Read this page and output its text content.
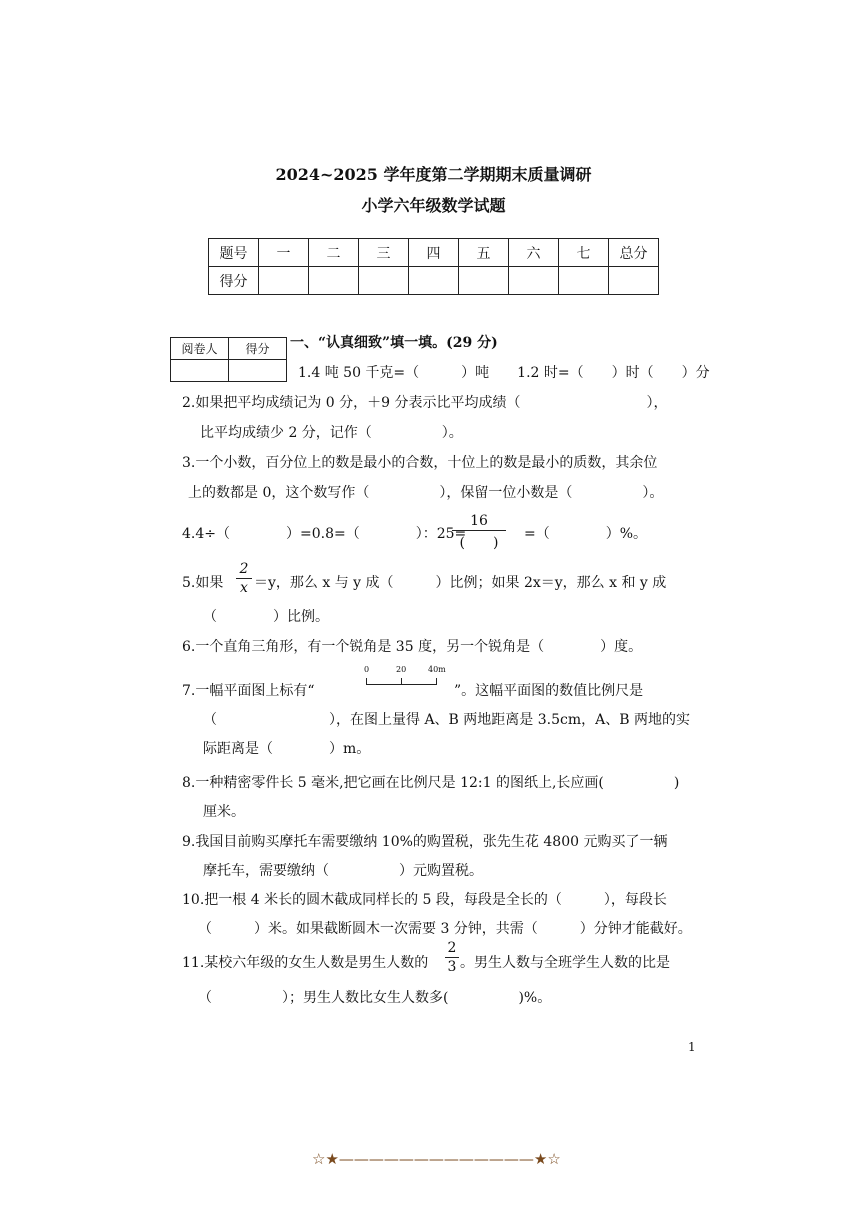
2024~2025 学年度第二学期期末质量调研
小学六年级数学试题
题号	一	二	三	四	五	六	七	总分
得分								
阅卷人	得分
	一、“认真细致”填一填。(29 分)
1.4 吨 50 千克=（　　　）吨　　1.2 时=（　　）时（　　）分
2.如果把平均成绩记为 0 分，＋9 分表示比平均成绩（　　　　　　　　　），
比平均成绩少 2 分，记作（　　　　　）。
3.一个小数，百分位上的数是最小的合数，十位上的数是最小的质数，其余位
上的数都是 0，这个数写作（　　　　　），保留一位小数是（　　　　　）。
4.4÷（　　　　）=0.8=（　　　　）：25=
16
(　　)
=（　　　　）%。
5.如果
2
x ＝y，那么 x 与 y 成（　　　）比例；如果 2x＝y，那么 x 和 y 成
（　　　　）比例。
6.一个直角三角形，有一个锐角是 35 度，另一个锐角是（　　　　）度。
7.一幅平面图上标有“
0	20	40m
”。这幅平面图的数值比例尺是
（　　　　　　　　），在图上量得 A、B 两地距离是 3.5cm，A、B 两地的实
际距离是（　　　　）m。
8.一种精密零件长 5 毫米,把它画在比例尺是 12:1 的图纸上,长应画(　　　　　)
厘米。
9.我国目前购买摩托车需要缴纳 10%的购置税，张先生花 4800 元购买了一辆
摩托车，需要缴纳（　　　　　）元购置税。
10.把一根 4 米长的圆木截成同样长的 5 段，每段是全长的（　　　），每段长
（　　　）米。如果截断圆木一次需要 3 分钟，共需（　　　）分钟才能截好。
11.某校六年级的女生人数是男生人数的
2
3 。男生人数与全班学生人数的比是
（　　　　　）；男生人数比女生人数多(　　　　　)%。
1
☆★—————————————★☆
